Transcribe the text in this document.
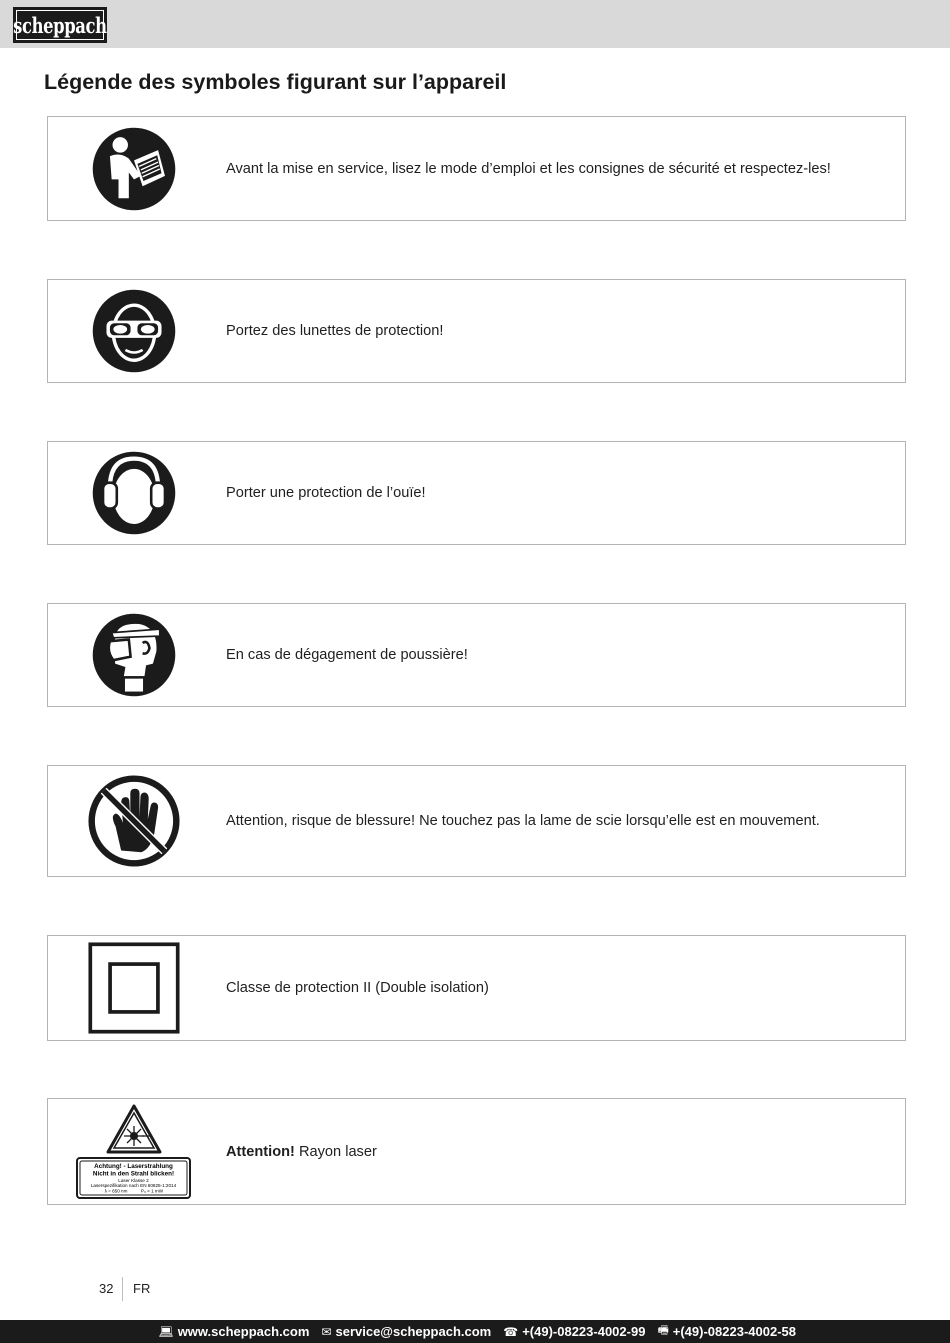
scheppach
Légende des symboles figurant sur l’appareil
Avant la mise en service, lisez le mode d’emploi et les consignes de sécurité et respectez-les!
Portez des lunettes de protection!
Porter une protection de l’ouïe!
En cas de dégagement de poussière!
Attention, risque de blessure! Ne touchez pas la lame de scie lorsqu’elle est en mouvement.
Classe de protection II (Double isolation)
Achtung! - Laserstrahlung
Nicht in den Strahl blicken!
Laser Klasse 2
Laserspezifikation nach EN 60825-1:2014
λ = 650 nm	P₀ < 1 mW
Attention! Rayon laser
32 FR
💻︎ www.scheppach.com ✉ service@scheppach.com ☎ +(49)-08223-4002-99 🖷︎ +(49)-08223-4002-58
